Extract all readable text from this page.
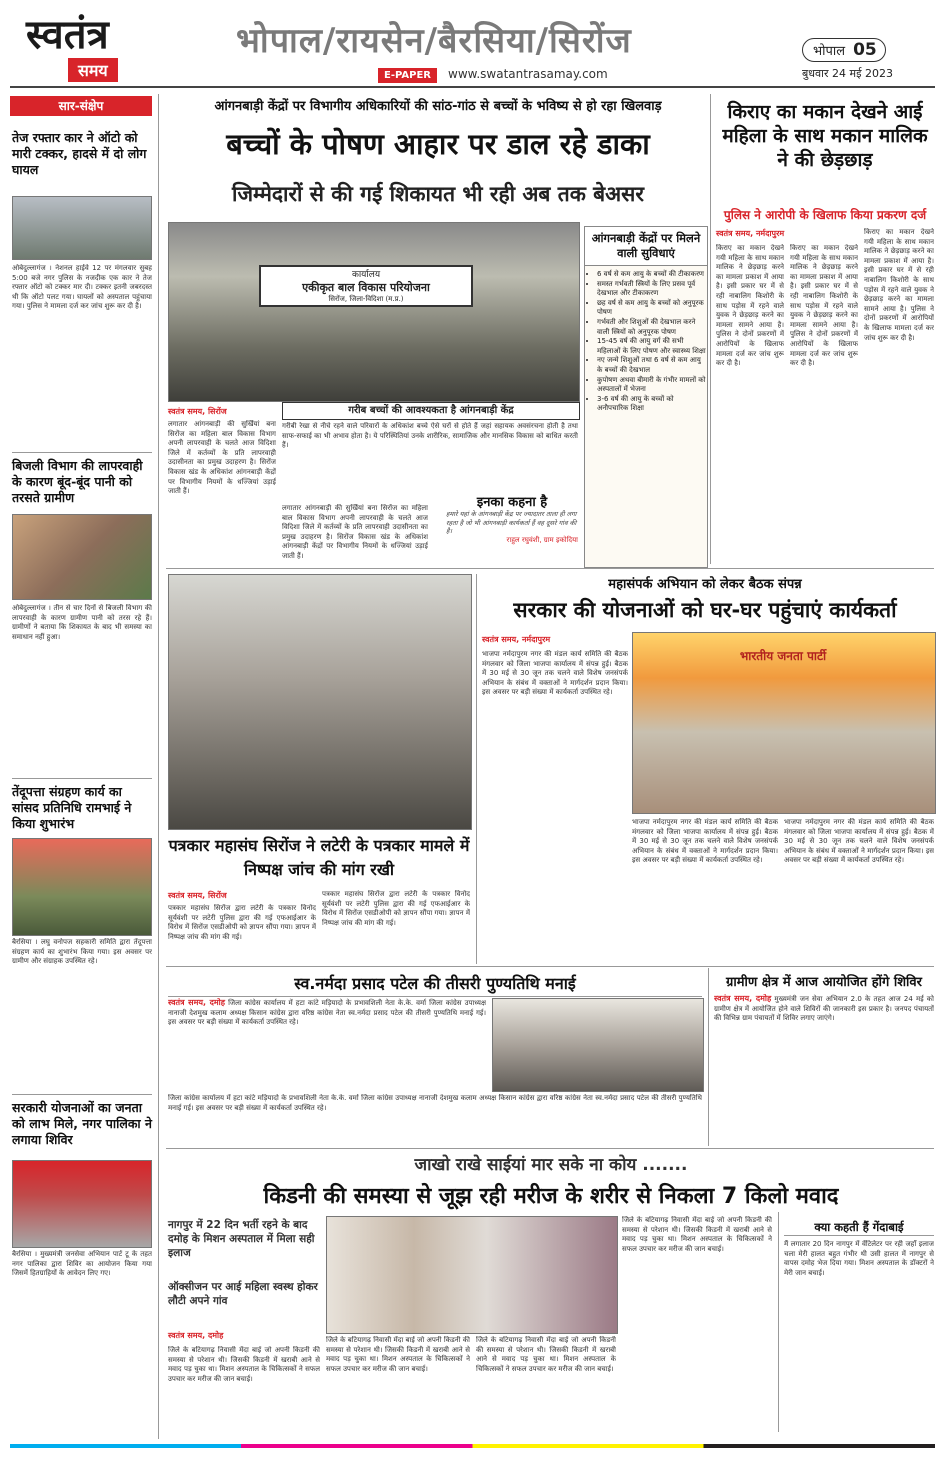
स्वतंत्र
समय
भोपाल/रायसेन/बैरसिया/सिरोंज
E-PAPER	www.swatantrasamay.com
भोपाल 05
बुधवार 24 मई 2023
सार-संक्षेप
तेज रफ्तार कार ने ऑटो को मारी टक्कर, हादसे में दो लोग घायल
ओबेदुल्लागंज । नेशनल हाईवे 12 पर मंगलवार सुबह 5:00 बजे नगर पुलिस के नजदीक एक कार ने तेज रफ्तार ऑटो को टक्कर मार दी। टक्कर इतनी जबरदस्त थी कि ऑटो पलट गया। घायलों को अस्पताल पहुंचाया गया। पुलिस ने मामला दर्ज कर जांच शुरू कर दी है।
बिजली विभाग की लापरवाही के कारण बूंद-बूंद पानी को तरसते ग्रामीण
ओबेदुल्लागंज । तीन से चार दिनों से बिजली विभाग की लापरवाही के कारण ग्रामीण पानी को तरस रहे हैं। ग्रामीणों ने बताया कि शिकायत के बाद भी समस्या का समाधान नहीं हुआ।
तेंदूपत्ता संग्रहण कार्य का सांसद प्रतिनिधि रामभाई ने किया शुभारंभ
बैरसिया । लघु वनोपज सहकारी समिति द्वारा तेंदूपत्ता संग्रहण कार्य का शुभारंभ किया गया। इस अवसर पर ग्रामीण और संग्राहक उपस्थित रहे।
सरकारी योजनाओं का जनता को लाभ मिले, नगर पालिका ने लगाया शिविर
बैरसिया । मुख्यमंत्री जनसेवा अभियान पार्ट टू के तहत नगर पालिका द्वारा शिविर का आयोजन किया गया जिसमें हितग्राहियों के आवेदन लिए गए।
आंगनबाड़ी केंद्रों पर विभागीय अधिकारियों की सांठ-गांठ से बच्चों के भविष्य से हो रहा खिलवाड़
बच्चों के पोषण आहार पर डाल रहे डाका
जिम्मेदारों से की गई शिकायत भी रही अब तक बेअसर
कार्यालय
एकीकृत बाल विकास परियोजना
सिरोंज, जिला-विदिशा (म.प्र.)
स्वतंत्र समय, सिरोंज	गरीब बच्चों की आवश्यकता है आंगनबाड़ी केंद्र
लगातार आंगनबाड़ी की सुर्खियां बना सिरोंज का महिला बाल विकास विभाग अपनी लापरवाही के चलते आज विदिशा जिले में कर्तव्यों के प्रति लापरवाही उदासीनता का प्रमुख उदाहरण है। सिरोंज विकास खंड के अधिकांश आंगनबाड़ी केंद्रों पर विभागीय नियमों के धज्जियां उड़ाई जाती हैं।
गरीबी रेखा से नीचे रहने वाले परिवारों के अधिकांश बच्चे ऐसे घरों से होते हैं जहां सहायक अवसंरचना होती है तथा साफ-सफाई का भी अभाव होता है। ये परिस्थितियां उनके शारीरिक, सामाजिक और मानसिक विकास को बाधित करती हैं।
लगातार आंगनबाड़ी की सुर्खियां बना सिरोंज का महिला बाल विकास विभाग अपनी लापरवाही के चलते आज विदिशा जिले में कर्तव्यों के प्रति लापरवाही उदासीनता का प्रमुख उदाहरण है। सिरोंज विकास खंड के अधिकांश आंगनबाड़ी केंद्रों पर विभागीय नियमों के धज्जियां उड़ाई जाती हैं।
इनका कहना है
हमारे यहां के आंगनबाड़ी केंद्र पर ज्यादातर ताला ही लगा रहता है जो भी आंगनबाड़ी कार्यकर्ता हैं वह दूसरे गांव की है।
राहुल रघुवंशी, ग्राम इकोदिया
आंगनबाड़ी केंद्रों पर मिलने वाली सुविधाएं
• 6 वर्ष से कम आयु के बच्चों की टीकाकरण
• समस्त गर्भवती स्त्रियों के लिए प्रसव पूर्व देखभाल और टीकाकरण
• छह वर्ष से कम आयु के बच्चों को अनुपूरक पोषण
• गर्भवती और शिशुओं की देखभाल करने वाली स्त्रियों को अनुपूरक पोषण
• 15-45 वर्ष की आयु वर्ग की सभी महिलाओं के लिए पोषण और स्वास्थ्य शिक्षा
• नए जन्मे शिशुओं तथा 6 वर्ष से कम आयु के बच्चों की देखभाल
• कुपोषण अथवा बीमारी के गंभीर मामलों को अस्पतालों में भेजना
• 3-6 वर्ष की आयु के बच्चों को अनौपचारिक शिक्षा
किराए का मकान देखने आई महिला के साथ मकान मालिक ने की छेड़छाड़
पुलिस ने आरोपी के खिलाफ किया प्रकरण दर्ज
स्वतंत्र समय, नर्मदापुरम
किराए का मकान देखने गयी महिला के साथ मकान मालिक ने छेड़छाड़ करने का मामला प्रकाश में आया है। इसी प्रकार घर में से रही नाबालिग किशोरी के साथ पड़ोस में रहने वाले युवक ने छेड़छाड़ करने का मामला सामने आया है। पुलिस ने दोनों प्रकरणों में आरोपियों के खिलाफ मामला दर्ज कर जांच शुरू कर दी है।
किराए का मकान देखने गयी महिला के साथ मकान मालिक ने छेड़छाड़ करने का मामला प्रकाश में आया है। इसी प्रकार घर में से रही नाबालिग किशोरी के साथ पड़ोस में रहने वाले युवक ने छेड़छाड़ करने का मामला सामने आया है। पुलिस ने दोनों प्रकरणों में आरोपियों के खिलाफ मामला दर्ज कर जांच शुरू कर दी है।
किराए का मकान देखने गयी महिला के साथ मकान मालिक ने छेड़छाड़ करने का मामला प्रकाश में आया है। इसी प्रकार घर में से रही नाबालिग किशोरी के साथ पड़ोस में रहने वाले युवक ने छेड़छाड़ करने का मामला सामने आया है। पुलिस ने दोनों प्रकरणों में आरोपियों के खिलाफ मामला दर्ज कर जांच शुरू कर दी है।
महासंपर्क अभियान को लेकर बैठक संपन्न
सरकार की योजनाओं को घर-घर पहुंचाएं कार्यकर्ता
स्वतंत्र समय, नर्मदापुरम
भाजपा नर्मदापुरम नगर की मंडल कार्य समिति की बैठक मंगलवार को जिला भाजपा कार्यालय में संपन्न हुई। बैठक में 30 मई से 30 जून तक चलने वाले विशेष जनसंपर्क अभियान के संबंध में वक्ताओं ने मार्गदर्शन प्रदान किया। इस अवसर पर बड़ी संख्या में कार्यकर्ता उपस्थित रहे।
भारतीय जनता पार्टी
भाजपा नर्मदापुरम नगर की मंडल कार्य समिति की बैठक मंगलवार को जिला भाजपा कार्यालय में संपन्न हुई। बैठक में 30 मई से 30 जून तक चलने वाले विशेष जनसंपर्क अभियान के संबंध में वक्ताओं ने मार्गदर्शन प्रदान किया। इस अवसर पर बड़ी संख्या में कार्यकर्ता उपस्थित रहे।
भाजपा नर्मदापुरम नगर की मंडल कार्य समिति की बैठक मंगलवार को जिला भाजपा कार्यालय में संपन्न हुई। बैठक में 30 मई से 30 जून तक चलने वाले विशेष जनसंपर्क अभियान के संबंध में वक्ताओं ने मार्गदर्शन प्रदान किया। इस अवसर पर बड़ी संख्या में कार्यकर्ता उपस्थित रहे।
पत्रकार महासंघ सिरोंज ने लटेरी के पत्रकार मामले में निष्पक्ष जांच की मांग रखी
स्वतंत्र समय, सिरोंज
पत्रकार महासंघ सिरोंज द्वारा लटेरी के पत्रकार विनोद सूर्यवंशी पर लटेरी पुलिस द्वारा की गई एफआईआर के विरोध में सिरोंज एसडीओपी को ज्ञापन सौंपा गया। ज्ञापन में निष्पक्ष जांच की मांग की गई।
पत्रकार महासंघ सिरोंज द्वारा लटेरी के पत्रकार विनोद सूर्यवंशी पर लटेरी पुलिस द्वारा की गई एफआईआर के विरोध में सिरोंज एसडीओपी को ज्ञापन सौंपा गया। ज्ञापन में निष्पक्ष जांच की मांग की गई।
स्व.नर्मदा प्रसाद पटेल की तीसरी पुण्यतिथि मनाई
स्वतंत्र समय, दमोह जिला कांग्रेस कार्यालय में हटा कांटे मड़ियादो के प्रभावशिली नेता के.के. वर्मा जिला कांग्रेस उपाध्यक्ष नानाजी देशमुख कलाम अध्यक्ष किसान कांग्रेस द्वारा वरिष्ठ कांग्रेस नेता स्व.नर्मदा प्रसाद पटेल की तीसरी पुण्यतिथि मनाई गई। इस अवसर पर बड़ी संख्या में कार्यकर्ता उपस्थित रहे।
जिला कांग्रेस कार्यालय में हटा कांटे मड़ियादो के प्रभावशिली नेता के.के. वर्मा जिला कांग्रेस उपाध्यक्ष नानाजी देशमुख कलाम अध्यक्ष किसान कांग्रेस द्वारा वरिष्ठ कांग्रेस नेता स्व.नर्मदा प्रसाद पटेल की तीसरी पुण्यतिथि मनाई गई। इस अवसर पर बड़ी संख्या में कार्यकर्ता उपस्थित रहे।
ग्रामीण क्षेत्र में आज आयोजित होंगे शिविर
स्वतंत्र समय, दमोह मुख्यमंत्री जन सेवा अभियान 2.0 के तहत आज 24 मई को ग्रामीण क्षेत्र में आयोजित होने वाले शिविरों की जानकारी इस प्रकार है। जनपद पंचायतों की विभिन्न ग्राम पंचायतों में शिविर लगाए जाएंगे।
जाखो राखे साईयां मार सके ना कोय .......
किडनी की समस्या से जूझ रही मरीज के शरीर से निकला 7 किलो मवाद
नागपुर में 22 दिन भर्ती रहने के बाद दमोह के मिशन अस्पताल में मिला सही इलाज
ऑक्सीजन पर आई महिला स्वस्थ होकर लौटी अपने गांव
स्वतंत्र समय, दमोह
जिले के बटियागढ़ निवासी मेंदा बाई जो अपनी किडनी की समस्या से परेशान थी। जिसकी किडनी में खराबी आने से मवाद पड़ चुका था। मिशन अस्पताल के चिकित्सकों ने सफल उपचार कर मरीज की जान बचाई।
जिले के बटियागढ़ निवासी मेंदा बाई जो अपनी किडनी की समस्या से परेशान थी। जिसकी किडनी में खराबी आने से मवाद पड़ चुका था। मिशन अस्पताल के चिकित्सकों ने सफल उपचार कर मरीज की जान बचाई।
जिले के बटियागढ़ निवासी मेंदा बाई जो अपनी किडनी की समस्या से परेशान थी। जिसकी किडनी में खराबी आने से मवाद पड़ चुका था। मिशन अस्पताल के चिकित्सकों ने सफल उपचार कर मरीज की जान बचाई।
जिले के बटियागढ़ निवासी मेंदा बाई जो अपनी किडनी की समस्या से परेशान थी। जिसकी किडनी में खराबी आने से मवाद पड़ चुका था। मिशन अस्पताल के चिकित्सकों ने सफल उपचार कर मरीज की जान बचाई।
क्या कहती हैं गेंदाबाई
मैं लगातार 20 दिन नागपुर में वेंटिलेटर पर रही जहाँ इलाज चला मेरी हालत बहुत गंभीर थी उसी हालत में नागपुर से वापस दमोह भेज दिया गया। मिशन अस्पताल के डॉक्टरों ने मेरी जान बचाई।
